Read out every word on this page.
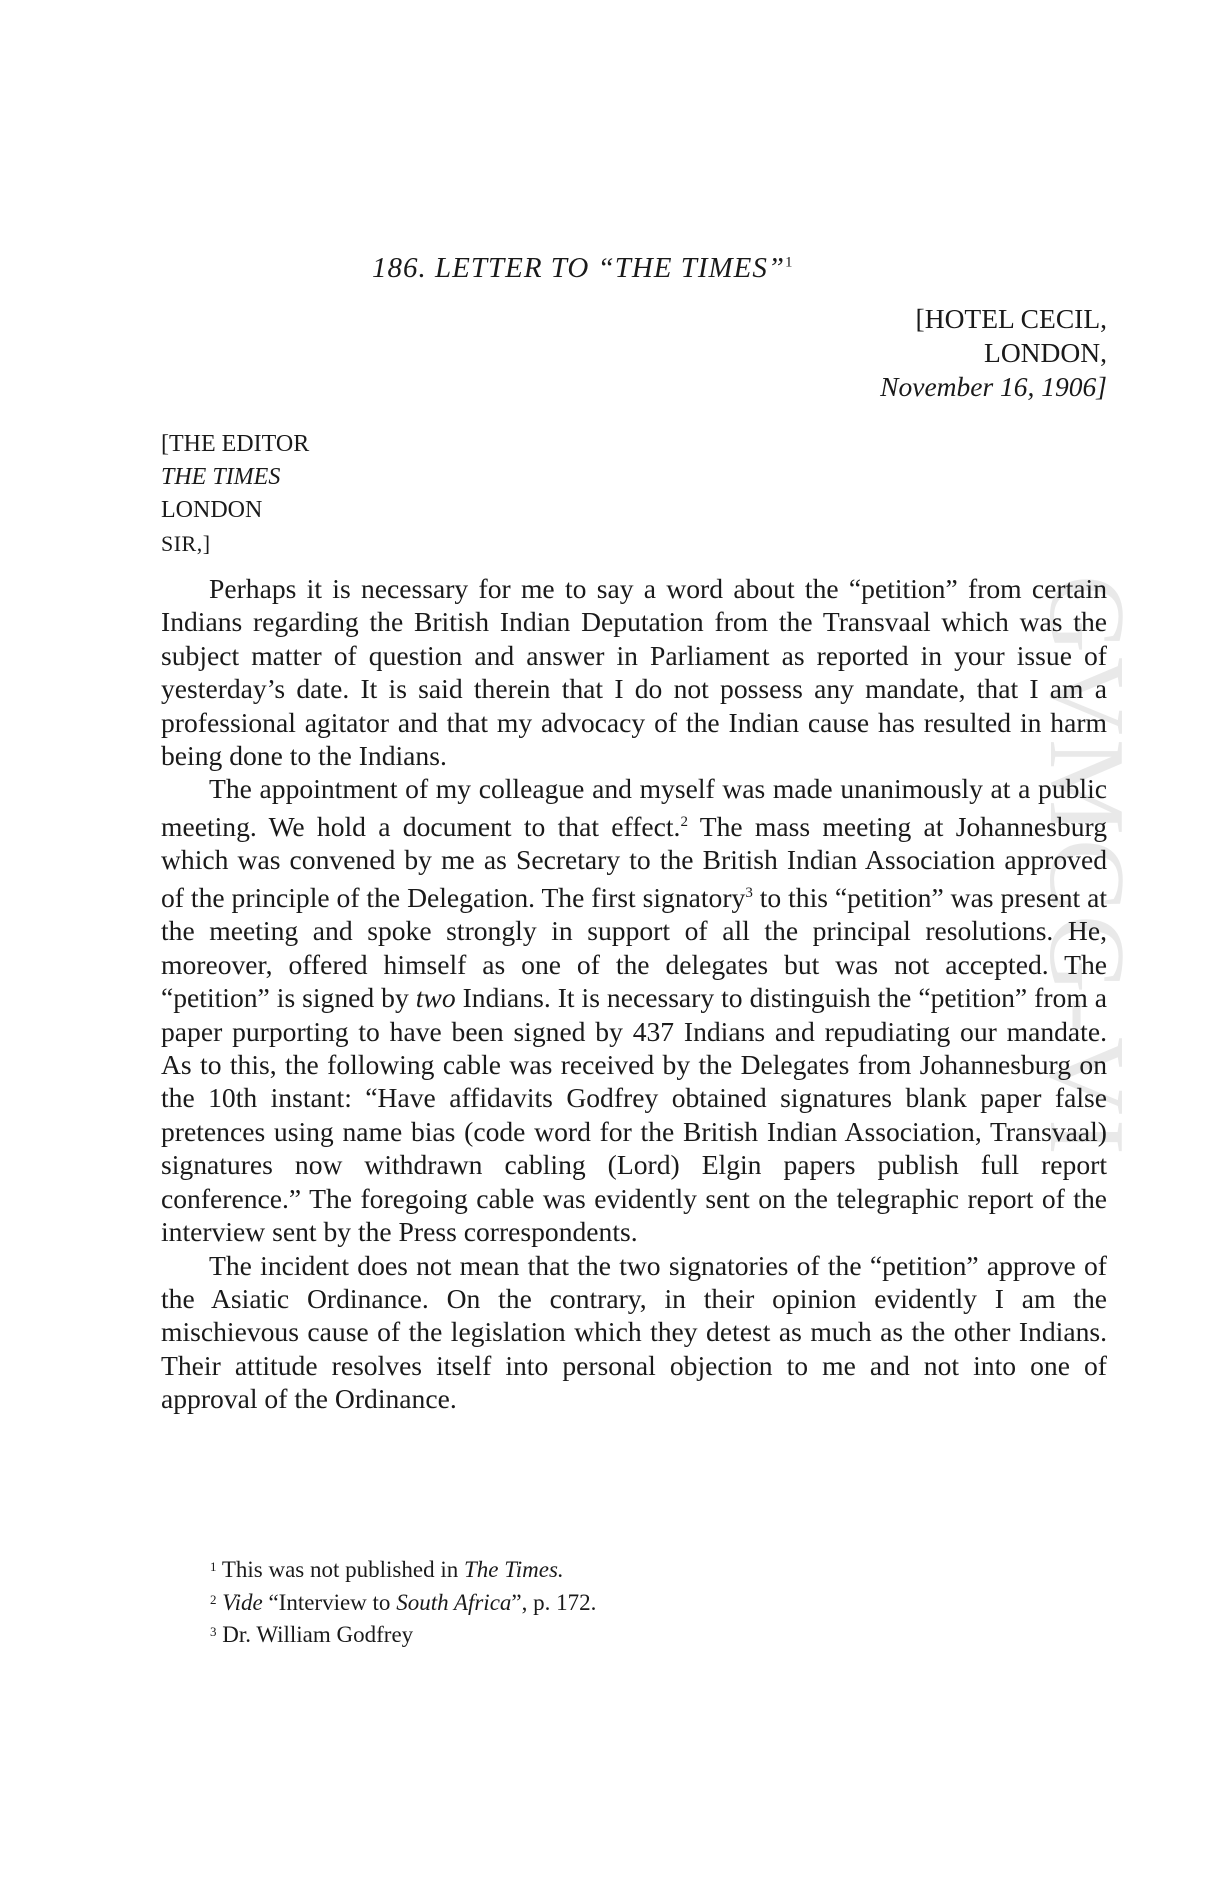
GVMCG-VI
186. LETTER TO “THE TIMES”$^1$
[HOTEL CECIL,
LONDON,
November 16, 1906]
[THE EDITOR
THE TIMES
LONDON
SIR,]

Perhaps it is necessary for me to say a word about the “petition” from certain Indians regarding the British Indian Deputation from the Transvaal which was the subject matter of question and answer in Parliament as reported in your issue of yesterday’s date. It is said therein that I do not possess any mandate, that I am a professional agitator and that my advocacy of the Indian cause has resulted in harm being done to the Indians.

The appointment of my colleague and myself was made unanimously at a public meeting. We hold a document to that effect.$^2$ The mass meeting at Johannesburg which was convened by me as Secretary to the British Indian Association approved of the principle of the Delegation. The first signatory$^3$ to this “petition” was present at the meeting and spoke strongly in support of all the principal resolutions. He, moreover, offered himself as one of the delegates but was not accepted. The “petition” is signed by two Indians. It is necessary to distinguish the “petition” from a paper purporting to have been signed by 437 Indians and repudiating our mandate. As to this, the following cable was received by the Delegates from Johannesburg on the 10th instant: “Have affidavits Godfrey obtained signatures blank paper false pretences using name bias (code word for the British Indian Association, Transvaal) signatures now withdrawn cabling (Lord) Elgin papers publish full report conference.” The foregoing cable was evidently sent on the telegraphic report of the interview sent by the Press correspondents.

The incident does not mean that the two signatories of the “petition” approve of the Asiatic Ordinance. On the contrary, in their opinion evidently I am the mischievous cause of the legislation which they detest as much as the other Indians. Their attitude resolves itself into personal objection to me and not into one of approval of the Ordinance.

$^1$ This was not published in The Times.
$^2$ Vide “Interview to South Africa”, p. 172.
$^3$ Dr. William Godfrey
